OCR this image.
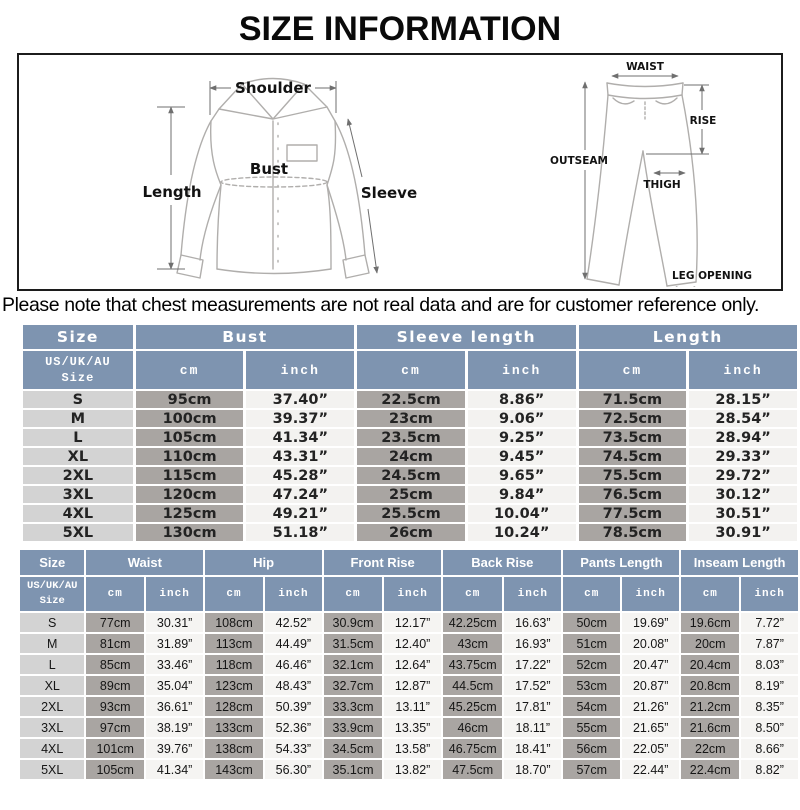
SIZE INFORMATION
Shoulder
Length
Bust
Sleeve
WAIST
RISE
OUTSEAM
THIGH
LEG OPENING
Please note that chest measurements are not real data and are for customer reference only.
Size	Bust		Sleeve length		Length	
US/UK/AU Size	cm	inch	cm	inch	cm	inch
S	95cm	37.40”	22.5cm	8.86”	71.5cm	28.15”
M	100cm	39.37”	23cm	9.06”	72.5cm	28.54”
L	105cm	41.34”	23.5cm	9.25”	73.5cm	28.94”
XL	110cm	43.31”	24cm	9.45”	74.5cm	29.33”
2XL	115cm	45.28”	24.5cm	9.65”	75.5cm	29.72”
3XL	120cm	47.24”	25cm	9.84”	76.5cm	30.12”
4XL	125cm	49.21”	25.5cm	10.04”	77.5cm	30.51”
5XL	130cm	51.18”	26cm	10.24”	78.5cm	30.91”
Size	Waist		Hip		Front Rise		Back Rise		Pants Length		Inseam Length	
US/UK/AU Size	cm	inch	cm	inch	cm	inch	cm	inch	cm	inch	cm	inch
S	77cm	30.31”	108cm	42.52”	30.9cm	12.17”	42.25cm	16.63”	50cm	19.69”	19.6cm	7.72”
M	81cm	31.89”	113cm	44.49”	31.5cm	12.40”	43cm	16.93”	51cm	20.08”	20cm	7.87”
L	85cm	33.46”	118cm	46.46”	32.1cm	12.64”	43.75cm	17.22”	52cm	20.47”	20.4cm	8.03”
XL	89cm	35.04”	123cm	48.43”	32.7cm	12.87”	44.5cm	17.52”	53cm	20.87”	20.8cm	8.19”
2XL	93cm	36.61”	128cm	50.39”	33.3cm	13.11”	45.25cm	17.81”	54cm	21.26”	21.2cm	8.35”
3XL	97cm	38.19”	133cm	52.36”	33.9cm	13.35”	46cm	18.11”	55cm	21.65”	21.6cm	8.50”
4XL	101cm	39.76”	138cm	54.33”	34.5cm	13.58”	46.75cm	18.41”	56cm	22.05”	22cm	8.66”
5XL	105cm	41.34”	143cm	56.30”	35.1cm	13.82”	47.5cm	18.70”	57cm	22.44”	22.4cm	8.82”
